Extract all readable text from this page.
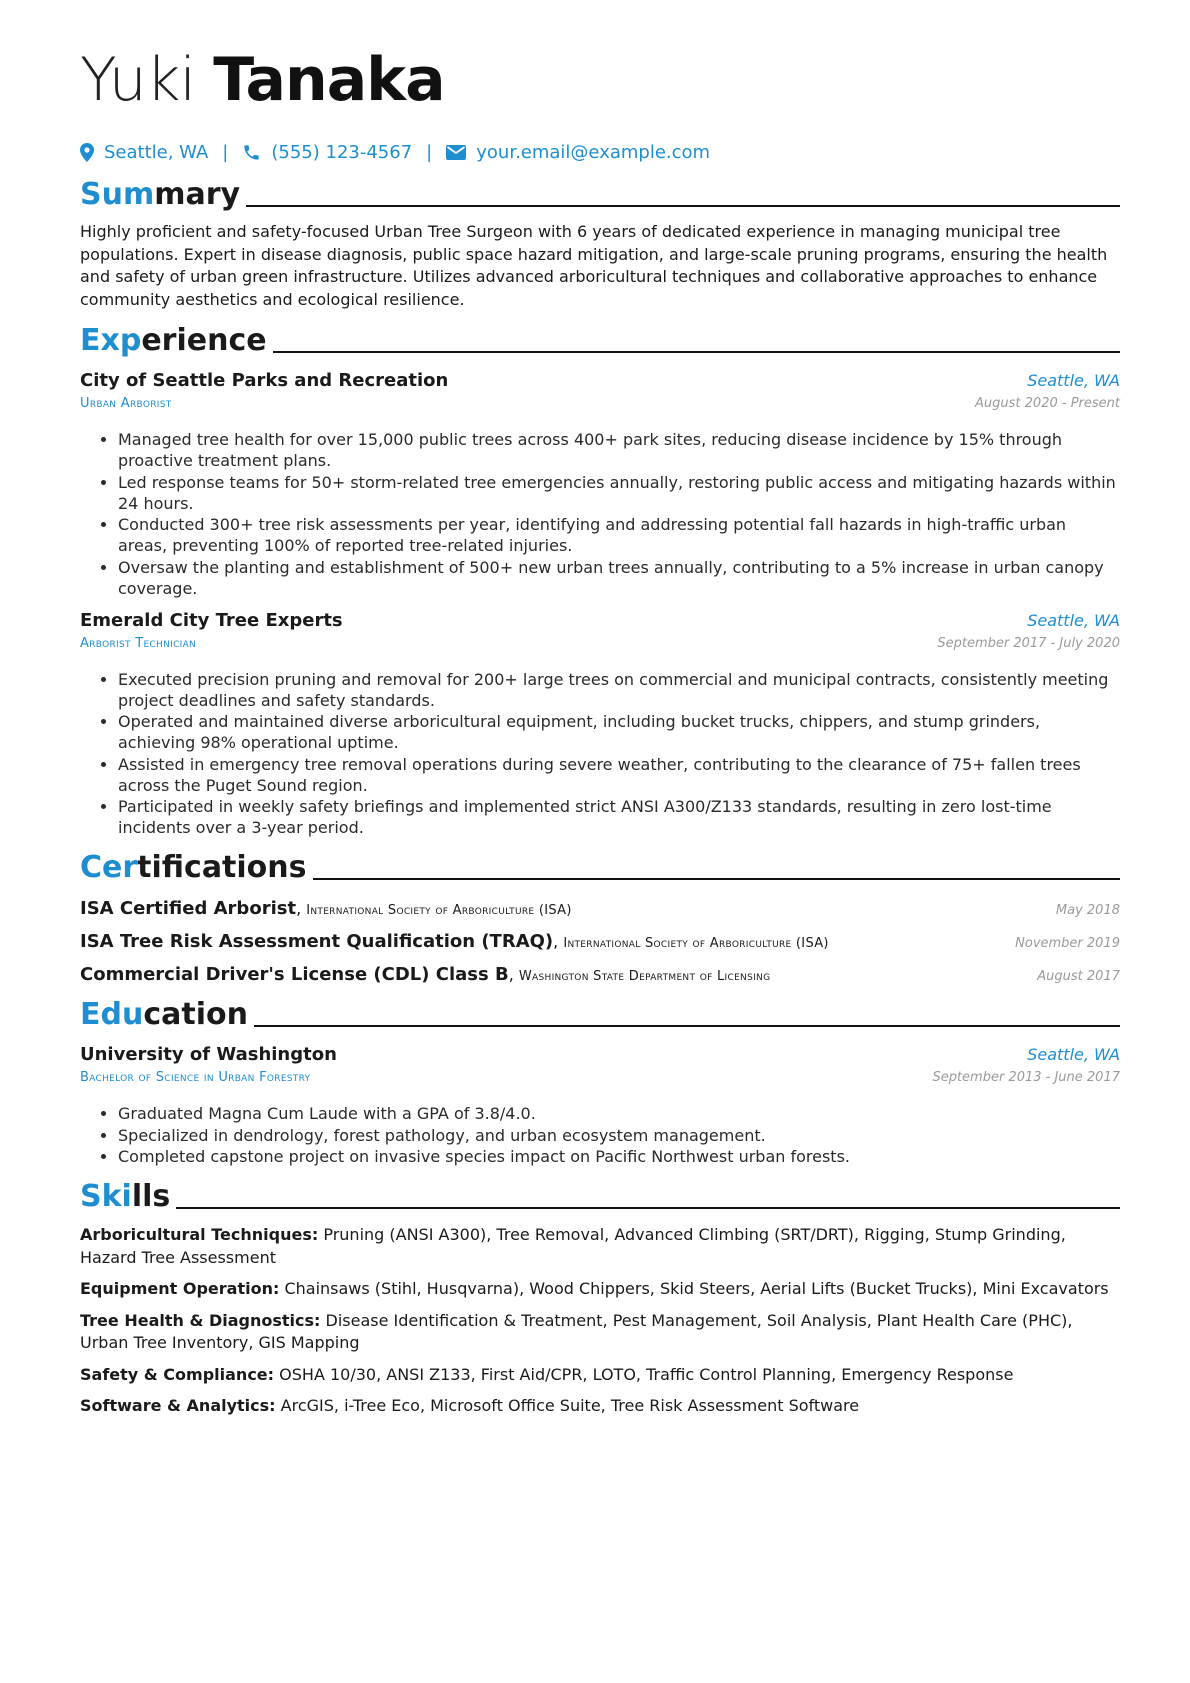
Yuki Tanaka
Seattle, WA | (555) 123-4567 | your.email@example.com
Summary
Highly proficient and safety-focused Urban Tree Surgeon with 6 years of dedicated experience in managing municipal tree populations. Expert in disease diagnosis, public space hazard mitigation, and large-scale pruning programs, ensuring the health and safety of urban green infrastructure. Utilizes advanced arboricultural techniques and collaborative approaches to enhance community aesthetics and ecological resilience.
Experience
City of Seattle Parks and Recreation	Seattle, WA
Urban Arborist	August 2020 - Present
• Managed tree health for over 15,000 public trees across 400+ park sites, reducing disease incidence by 15% through proactive treatment plans.
• Led response teams for 50+ storm-related tree emergencies annually, restoring public access and mitigating hazards within 24 hours.
• Conducted 300+ tree risk assessments per year, identifying and addressing potential fall hazards in high-traffic urban areas, preventing 100% of reported tree-related injuries.
• Oversaw the planting and establishment of 500+ new urban trees annually, contributing to a 5% increase in urban canopy coverage.
Emerald City Tree Experts	Seattle, WA
Arborist Technician	September 2017 - July 2020
• Executed precision pruning and removal for 200+ large trees on commercial and municipal contracts, consistently meeting project deadlines and safety standards.
• Operated and maintained diverse arboricultural equipment, including bucket trucks, chippers, and stump grinders, achieving 98% operational uptime.
• Assisted in emergency tree removal operations during severe weather, contributing to the clearance of 75+ fallen trees across the Puget Sound region.
• Participated in weekly safety briefings and implemented strict ANSI A300/Z133 standards, resulting in zero lost-time incidents over a 3-year period.
Certifications
ISA Certified Arborist, International Society of Arboriculture (ISA)	May 2018
ISA Tree Risk Assessment Qualification (TRAQ), International Society of Arboriculture (ISA)	November 2019
Commercial Driver's License (CDL) Class B, Washington State Department of Licensing	August 2017
Education
University of Washington	Seattle, WA
Bachelor of Science in Urban Forestry	September 2013 - June 2017
• Graduated Magna Cum Laude with a GPA of 3.8/4.0.
• Specialized in dendrology, forest pathology, and urban ecosystem management.
• Completed capstone project on invasive species impact on Pacific Northwest urban forests.
Skills
Arboricultural Techniques: Pruning (ANSI A300), Tree Removal, Advanced Climbing (SRT/DRT), Rigging, Stump Grinding, Hazard Tree Assessment
Equipment Operation: Chainsaws (Stihl, Husqvarna), Wood Chippers, Skid Steers, Aerial Lifts (Bucket Trucks), Mini Excavators
Tree Health & Diagnostics: Disease Identification & Treatment, Pest Management, Soil Analysis, Plant Health Care (PHC), Urban Tree Inventory, GIS Mapping
Safety & Compliance: OSHA 10/30, ANSI Z133, First Aid/CPR, LOTO, Traffic Control Planning, Emergency Response
Software & Analytics: ArcGIS, i-Tree Eco, Microsoft Office Suite, Tree Risk Assessment Software
